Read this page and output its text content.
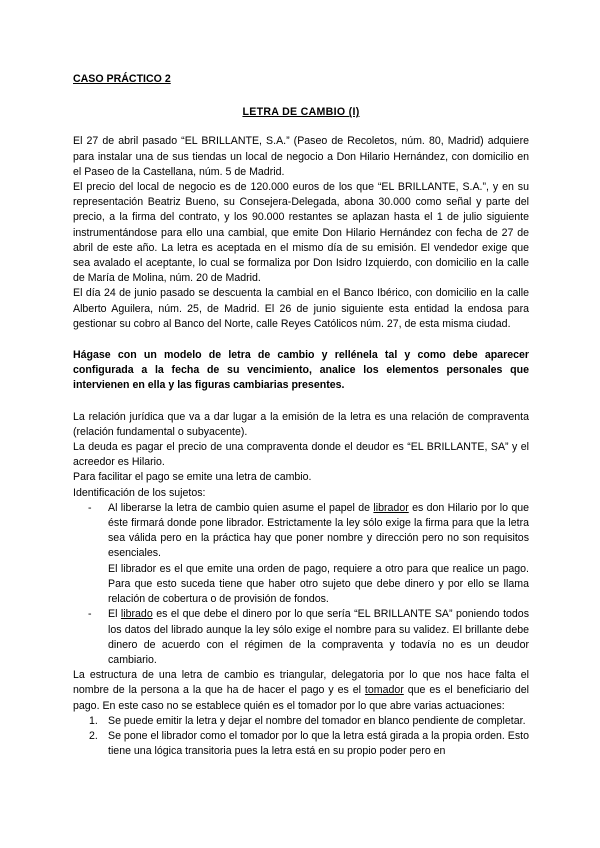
CASO PRÁCTICO 2

LETRA DE CAMBIO (I)

El 27 de abril pasado “EL BRILLANTE, S.A.” (Paseo de Recoletos, núm. 80, Madrid) adquiere para instalar una de sus tiendas un local de negocio a Don Hilario Hernández, con domicilio en el Paseo de la Castellana, núm. 5 de Madrid.

El precio del local de negocio es de 120.000 euros de los que “EL BRILLANTE, S.A.”, y en su representación Beatriz Bueno, su Consejera-Delegada, abona 30.000 como señal y parte del precio, a la firma del contrato, y los 90.000 restantes se aplazan hasta el 1 de julio siguiente instrumentándose para ello una cambial, que emite Don Hilario Hernández con fecha de 27 de abril de este año. La letra es aceptada en el mismo día de su emisión. El vendedor exige que sea avalado el aceptante, lo cual se formaliza por Don Isidro Izquierdo, con domicilio en la calle de María de Molina, núm. 20 de Madrid.

El día 24 de junio pasado se descuenta la cambial en el Banco Ibérico, con domicilio en la calle Alberto Aguilera, núm. 25, de Madrid. El 26 de junio siguiente esta entidad la endosa para gestionar su cobro al Banco del Norte, calle Reyes Católicos núm. 27, de esta misma ciudad.

Hágase con un modelo de letra de cambio y rellénela tal y como debe aparecer configurada a la fecha de su vencimiento, analice los elementos personales que intervienen en ella y las figuras cambiarias presentes.

La relación jurídica que va a dar lugar a la emisión de la letra es una relación de compraventa (relación fundamental o subyacente).

La deuda es pagar el precio de una compraventa donde el deudor es “EL BRILLANTE, SA” y el acreedor es Hilario.

Para facilitar el pago se emite una letra de cambio.

Identificación de los sujetos:

- Al liberarse la letra de cambio quien asume el papel de librador es don Hilario por lo que éste firmará donde pone librador. Estrictamente la ley sólo exige la firma para que la letra sea válida pero en la práctica hay que poner nombre y dirección pero no son requisitos esenciales.
El librador es el que emite una orden de pago, requiere a otro para que realice un pago. Para que esto suceda tiene que haber otro sujeto que debe dinero y por ello se llama relación de cobertura o de provisión de fondos.
- El librado es el que debe el dinero por lo que sería “EL BRILLANTE SA” poniendo todos los datos del librado aunque la ley sólo exige el nombre para su validez. El brillante debe dinero de acuerdo con el régimen de la compraventa y todavía no es un deudor cambiario.

La estructura de una letra de cambio es triangular, delegatoria por lo que nos hace falta el nombre de la persona a la que ha de hacer el pago y es el tomador que es el beneficiario del pago. En este caso no se establece quién es el tomador por lo que abre varias actuaciones:

1. Se puede emitir la letra y dejar el nombre del tomador en blanco pendiente de completar.
2. Se pone el librador como el tomador por lo que la letra está girada a la propia orden. Esto tiene una lógica transitoria pues la letra está en su propio poder pero en
